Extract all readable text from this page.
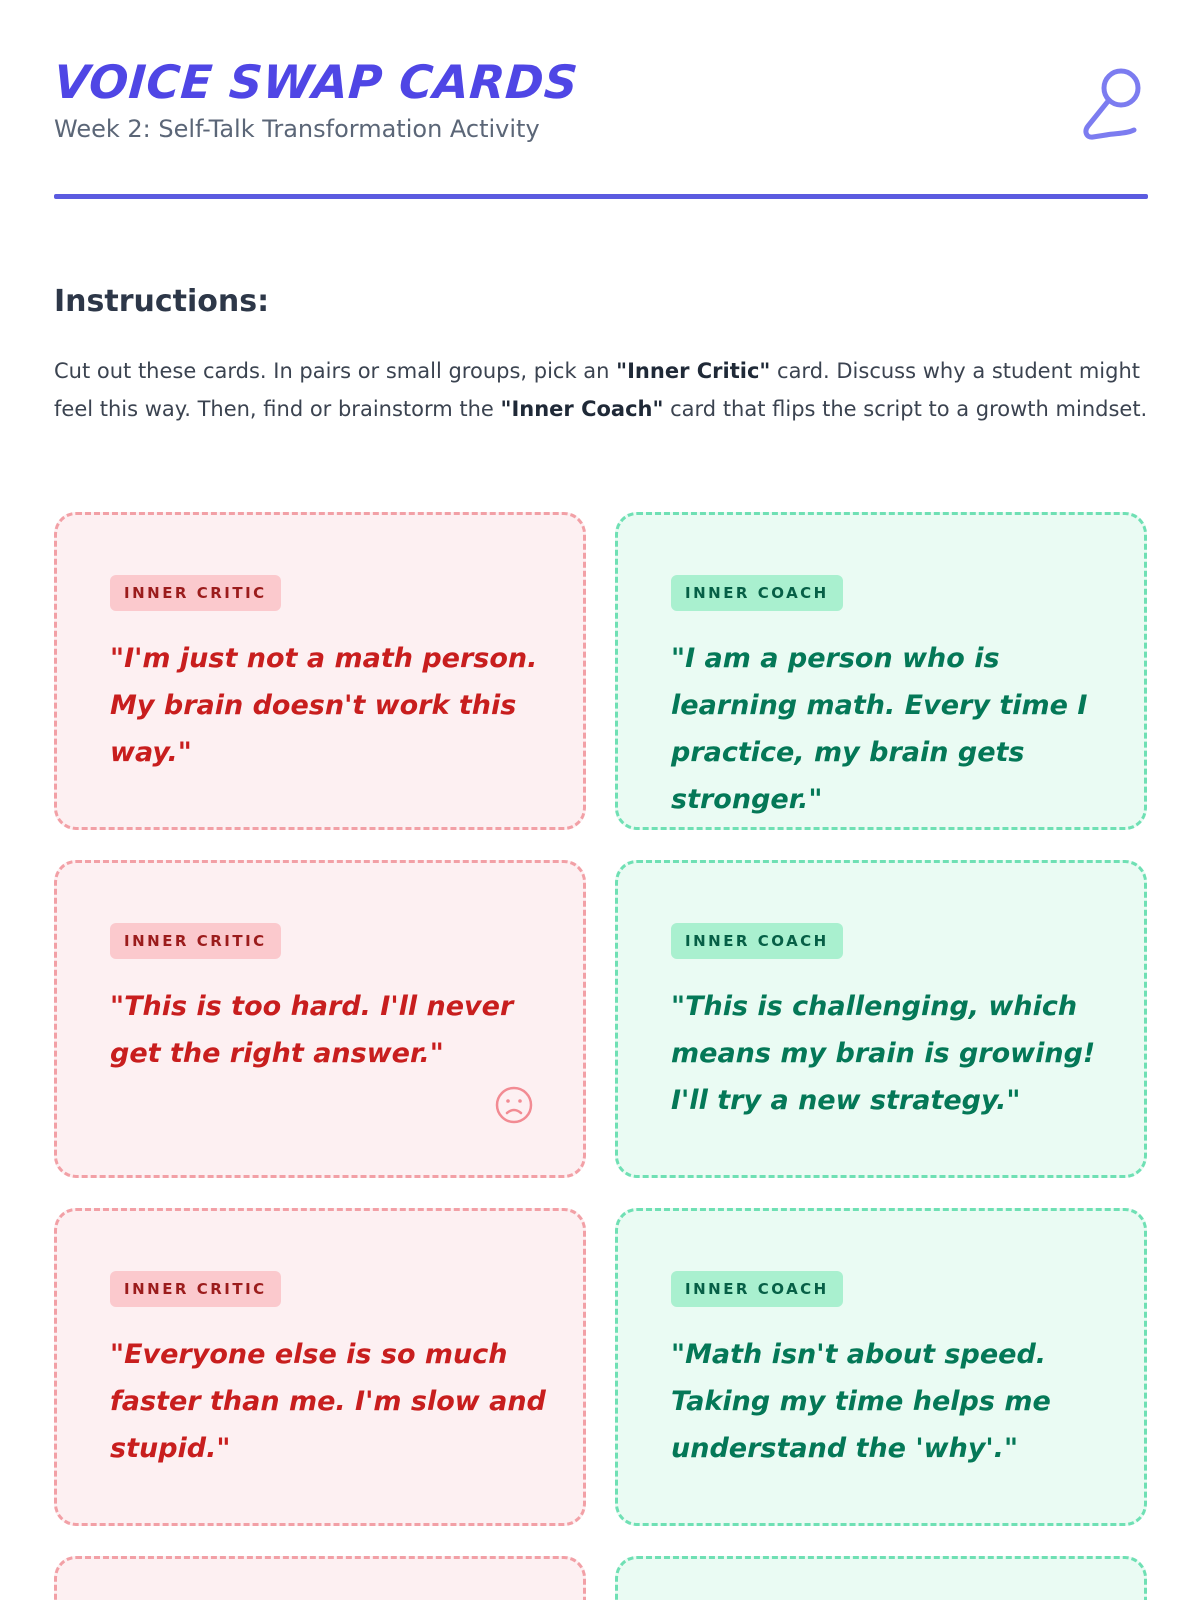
VOICE SWAP CARDS
Week 2: Self-Talk Transformation Activity
Instructions:

Cut out these cards. In pairs or small groups, pick an "Inner Critic" card. Discuss why a student might feel this way. Then, find or brainstorm the "Inner Coach" card that flips the script to a growth mindset.

INNER CRITIC

"I'm just not a math person. My brain doesn't work this way."

INNER COACH

"I am a person who is learning math. Every time I practice, my brain gets stronger."

INNER CRITIC

"This is too hard. I'll never get the right answer."

INNER COACH

"This is challenging, which means my brain is growing! I'll try a new strategy."

INNER CRITIC

"Everyone else is so much faster than me. I'm slow and stupid."

INNER COACH

"Math isn't about speed. Taking my time helps me understand the 'why'."
